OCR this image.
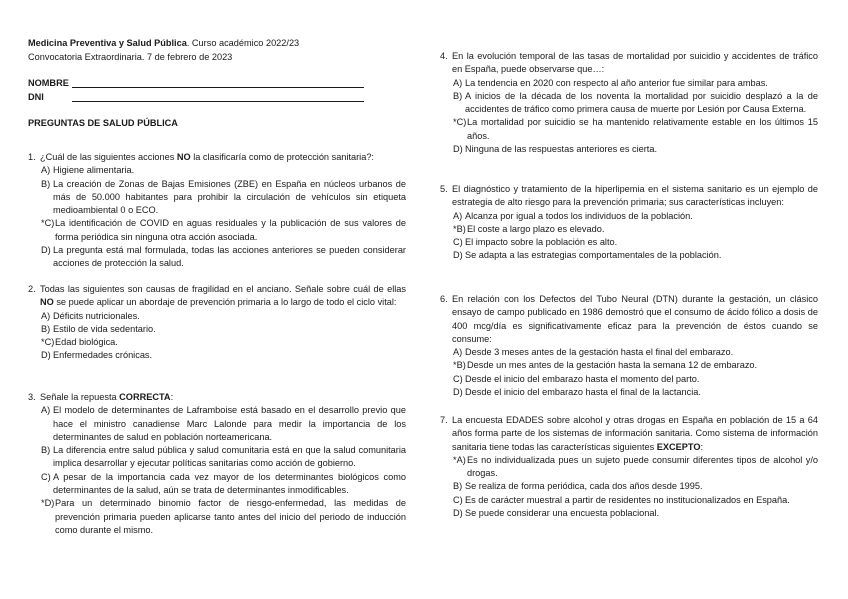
Medicina Preventiva y Salud Pública. Curso académico 2022/23
Convocatoria Extraordinaria. 7 de febrero de 2023
NOMBRE
DNI
PREGUNTAS DE SALUD PÚBLICA
1. ¿Cuál de las siguientes acciones NO la clasificaría como de protección sanitaria?:
A) Higiene alimentaria.
B) La creación de Zonas de Bajas Emisiones (ZBE) en España en núcleos urbanos de más de 50.000 habitantes para prohibir la circulación de vehículos sin etiqueta medioambiental 0 o ECO.
*C) La identificación de COVID en aguas residuales y la publicación de sus valores de forma periódica sin ninguna otra acción asociada.
D) La pregunta está mal formulada, todas las acciones anteriores se pueden considerar acciones de protección la salud.
2. Todas las siguientes son causas de fragilidad en el anciano. Señale sobre cuál de ellas NO se puede aplicar un abordaje de prevención primaria a lo largo de todo el ciclo vital:
A) Déficits nutricionales.
B) Estilo de vida sedentario.
*C) Edad biológica.
D) Enfermedades crónicas.
3. Señale la repuesta CORRECTA:
A) El modelo de determinantes de Laframboise está basado en el desarrollo previo que hace el ministro canadiense Marc Lalonde para medir la importancia de los determinantes de salud en población norteamericana.
B) La diferencia entre salud pública y salud comunitaria está en que la salud comunitaria implica desarrollar y ejecutar políticas sanitarias como acción de gobierno.
C) A pesar de la importancia cada vez mayor de los determinantes biológicos como determinantes de la salud, aún se trata de determinantes inmodificables.
*D) Para un determinado binomio factor de riesgo-enfermedad, las medidas de prevención primaria pueden aplicarse tanto antes del inicio del periodo de inducción como durante el mismo.
4. En la evolución temporal de las tasas de mortalidad por suicidio y accidentes de tráfico en España, puede observarse que…:
A) La tendencia en 2020 con respecto al año anterior fue similar para ambas.
B) A inicios de la década de los noventa la mortalidad por suicidio desplazó a la de accidentes de tráfico como primera causa de muerte por Lesión por Causa Externa.
*C) La mortalidad por suicidio se ha mantenido relativamente estable en los últimos 15 años.
D) Ninguna de las respuestas anteriores es cierta.
5. El diagnóstico y tratamiento de la hiperlipemia en el sistema sanitario es un ejemplo de estrategia de alto riesgo para la prevención primaria; sus características incluyen:
A) Alcanza por igual a todos los individuos de la población.
*B) El coste a largo plazo es elevado.
C) El impacto sobre la población es alto.
D) Se adapta a las estrategias comportamentales de la población.
6. En relación con los Defectos del Tubo Neural (DTN) durante la gestación, un clásico ensayo de campo publicado en 1986 demostró que el consumo de ácido fólico a dosis de 400 mcg/día es significativamente eficaz para la prevención de éstos cuando se consume:
A) Desde 3 meses antes de la gestación hasta el final del embarazo.
*B) Desde un mes antes de la gestación hasta la semana 12 de embarazo.
C) Desde el inicio del embarazo hasta el momento del parto.
D) Desde el inicio del embarazo hasta el final de la lactancia.
7. La encuesta EDADES sobre alcohol y otras drogas en España en población de 15 a 64 años forma parte de los sistemas de información sanitaria. Como sistema de información sanitaria tiene todas las características siguientes EXCEPTO:
*A) Es no individualizada pues un sujeto puede consumir diferentes tipos de alcohol y/o drogas.
B) Se realiza de forma periódica, cada dos años desde 1995.
C) Es de carácter muestral a partir de residentes no institucionalizados en España.
D) Se puede considerar una encuesta poblacional.
